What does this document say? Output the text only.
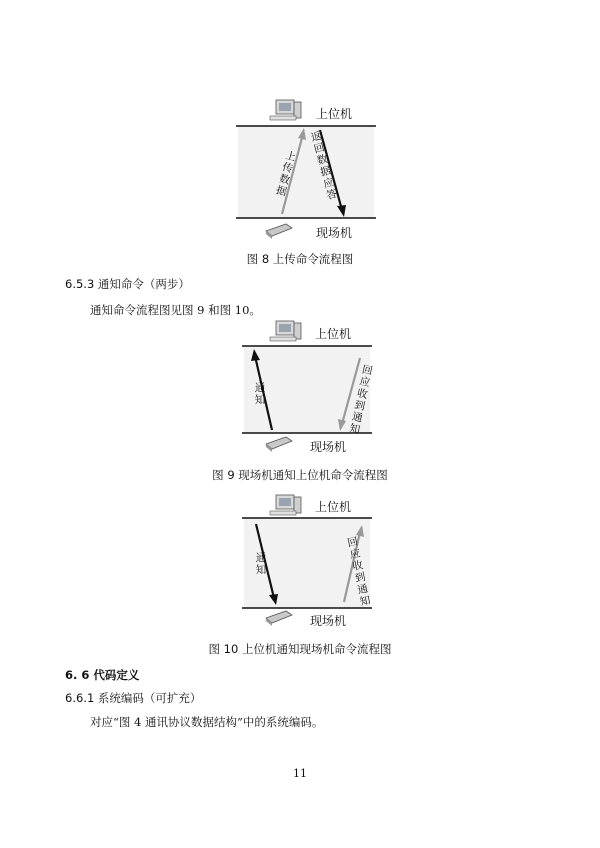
上位机
现场机
上传数据
返回数据应答
图 8 上传命令流程图
6.5.3 通知命令（两步）
通知命令流程图见图 9 和图 10。
上位机
现场机
通知
回应收到通知
图 9 现场机通知上位机命令流程图
上位机
现场机
通知
回应收到通知
图 10 上位机通知现场机命令流程图
6. 6 代码定义
6.6.1 系统编码（可扩充）
对应“图 4 通讯协议数据结构”中的系统编码。
11
